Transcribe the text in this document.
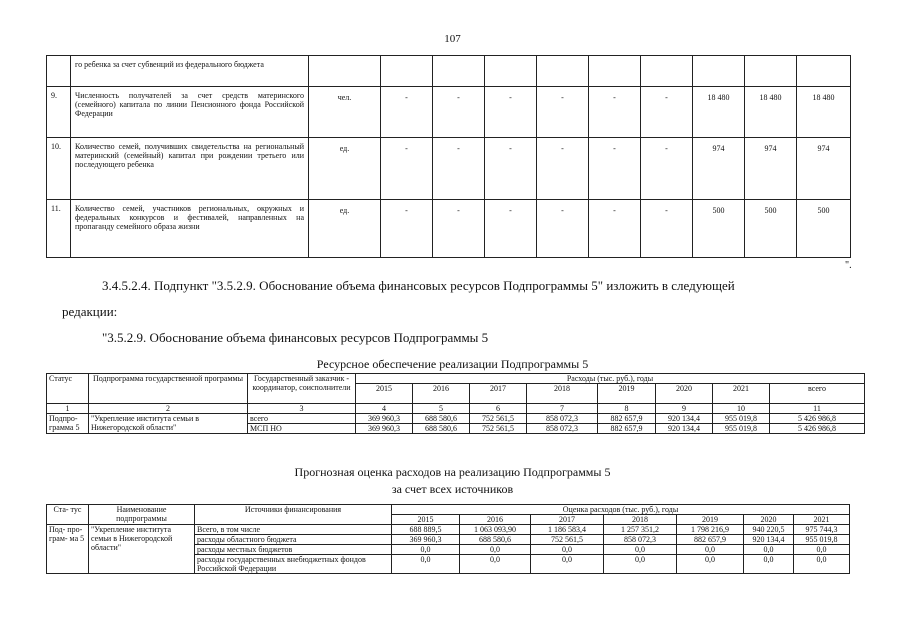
107
	го ребенка за счет субвенций из федерального бюджета										
9.	Численность получателей за счет средств материнского (семейного) капитала по линии Пенсионного фонда Российской Федерации	чел.	-	-	-	-	-	-	18 480	18 480	18 480
10.	Количество семей, получивших свидетельства на региональный материнский (семейный) капитал при рождении третьего или последующего ребенка	ед.	-	-	-	-	-	-	974	974	974
11.	Количество семей, участников региональных, окружных и федеральных конкурсов и фестивалей, направленных на пропаганду семейного образа жизни	ед.	-	-	-	-	-	-	500	500	500
".
3.4.5.2.4. Подпункт "3.5.2.9. Обоснование объема финансовых ресурсов Подпрограммы 5" изложить в следующей
редакции:
"3.5.2.9. Обоснование объема финансовых ресурсов Подпрограммы 5
Ресурсное обеспечение реализации Подпрограммы 5
Статус	Подпрограмма государственной программы	Государственный заказчик - координатор, соисполнители	Расходы (тыс. руб.), годы							
			2015	2016	2017	2018	2019	2020	2021	всего
1	2	3	4	5	6	7	8	9	10	11
Подпро- грамма 5	"Укрепление института семьи в Нижегородской области"	всего	369 960,3	688 580,6	752 561,5	858 072,3	882 657,9	920 134,4	955 019,8	5 426 986,8
		МСП НО	369 960,3	688 580,6	752 561,5	858 072,3	882 657,9	920 134,4	955 019,8	5 426 986,8
Прогнозная оценка расходов на реализацию Подпрограммы 5
за счет всех источников
Ста- тус	Наименование подпрограммы	Источники финансирования	Оценка расходов (тыс. руб.), годы						
			2015	2016	2017	2018	2019	2020	2021
Под- про- грам- ма 5	"Укрепление института семьи в Нижегородской области"	Всего, в том числе	688 889,5	1 063 093,90	1 186 583,4	1 257 351,2	1 798 216,9	940 220,5	975 744,3
		расходы областного бюджета	369 960,3	688 580,6	752 561,5	858 072,3	882 657,9	920 134,4	955 019,8
		расходы местных бюджетов	0,0	0,0	0,0	0,0	0,0	0,0	0,0
		расходы государственных внебюджетных фондов Российской Федерации	0,0	0,0	0,0	0,0	0,0	0,0	0,0
